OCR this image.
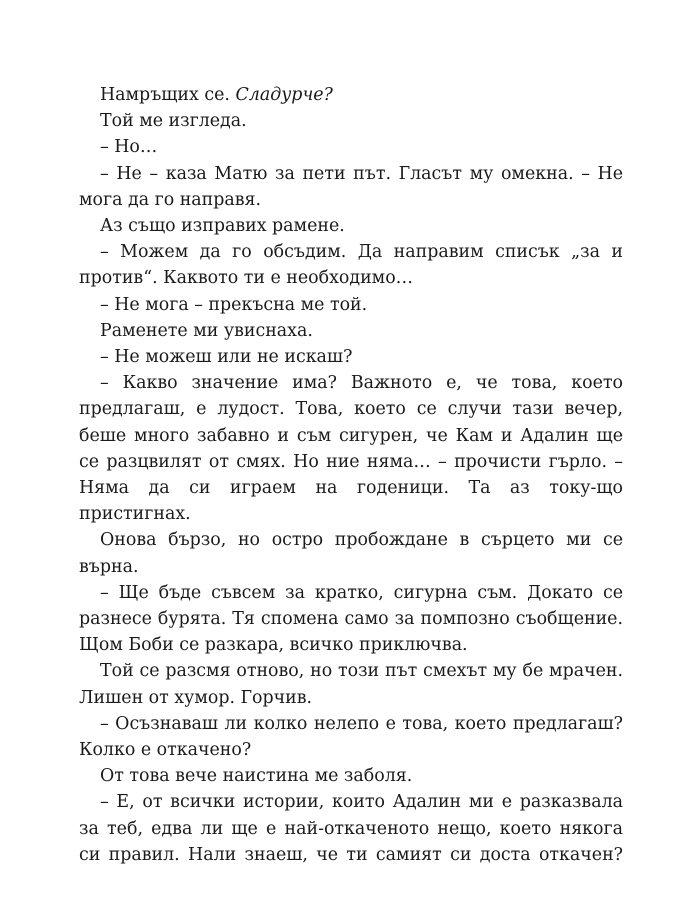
Намръщих се. Сладурче?

Той ме изгледа.

– Но…

– Не – каза Матю за пети път. Гласът му омекна. – Не мога да го направя.

Аз също изправих рамене.

– Можем да го обсъдим. Да направим списък „за и против“. Каквото ти е необходимо…

– Не мога – прекъсна ме той.

Раменете ми увиснаха.

– Не можеш или не искаш?

– Какво значение има? Важното е, че това, което предлагаш, е лудост. Това, което се случи тази вечер, беше много забавно и съм сигурен, че Кам и Адалин ще се разцвилят от смях. Но ние няма… – прочисти гърло. – Няма да си играем на годеници. Та аз току-що пристигнах.

Онова бързо, но остро пробождане в сърцето ми се върна.

– Ще бъде съвсем за кратко, сигурна съм. Докато се разнесе бурята. Тя спомена само за помпозно съобщение. Щом Боби се разкара, всичко приключва.

Той се разсмя отново, но този път смехът му бе мрачен. Лишен от хумор. Горчив.

– Осъзнаваш ли колко нелепо е това, което предлагаш? Колко е откачено?

От това вече наистина ме заболя.

– Е, от всички истории, които Адалин ми е разказвала за теб, едва ли ще е най-откаченото нещо, което някога си правил. Нали знаеш, че ти самият си доста откачен?
